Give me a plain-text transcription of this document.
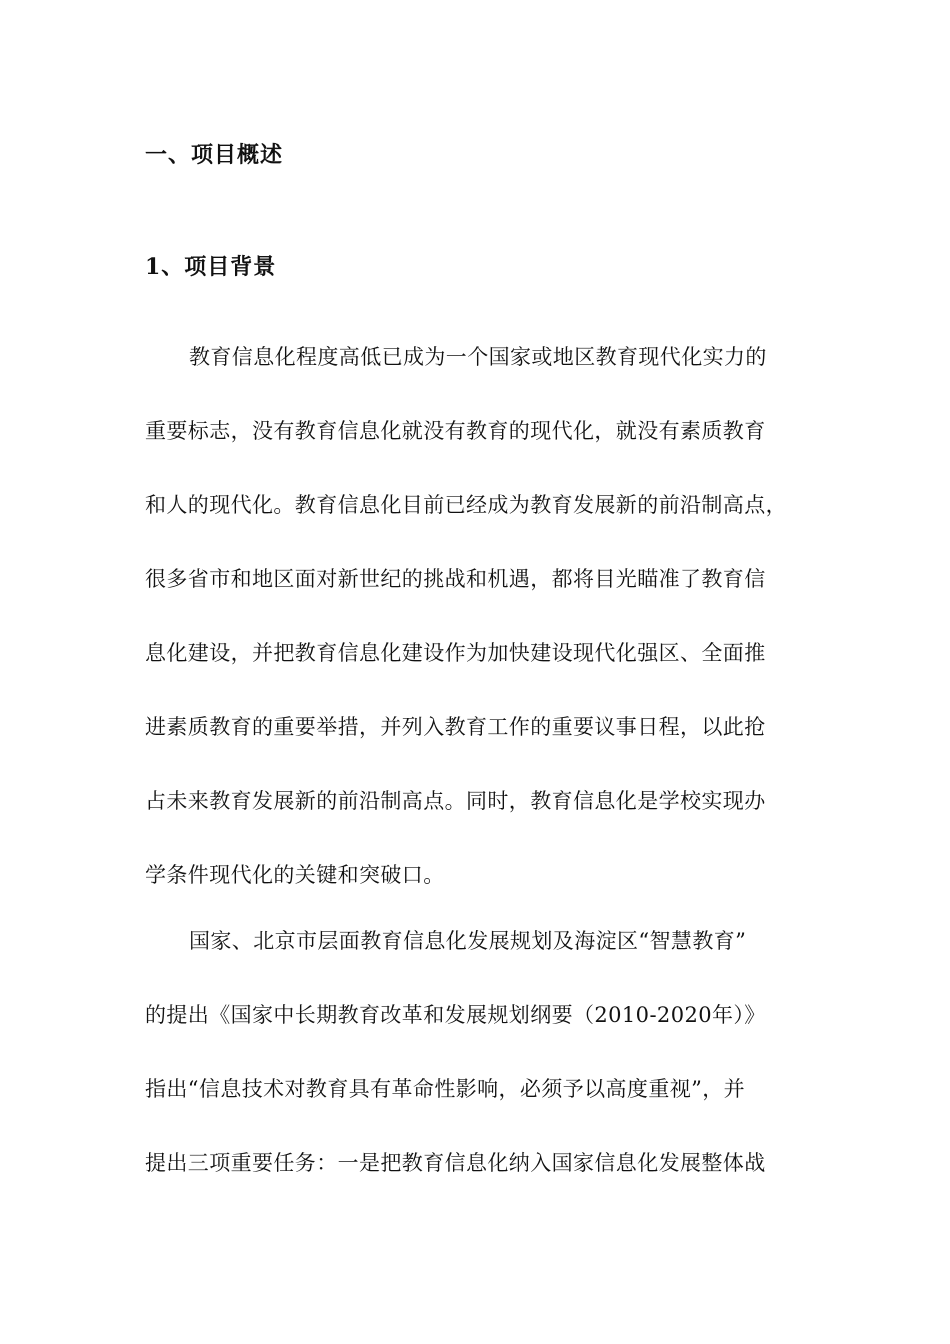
一、项目概述
1、项目背景

教育信息化程度高低已成为一个国家或地区教育现代化实力的

重要标志，没有教育信息化就没有教育的现代化，就没有素质教育

和人的现代化。教育信息化目前已经成为教育发展新的前沿制高点，

很多省市和地区面对新世纪的挑战和机遇，都将目光瞄准了教育信

息化建设，并把教育信息化建设作为加快建设现代化强区、全面推

进素质教育的重要举措，并列入教育工作的重要议事日程，以此抢

占未来教育发展新的前沿制高点。同时，教育信息化是学校实现办

学条件现代化的关键和突破口。

国家、北京市层面教育信息化发展规划及海淀区“智慧教育”

的提出《国家中长期教育改革和发展规划纲要（2010-2020年）》

指出“信息技术对教育具有革命性影响，必须予以高度重视”，并

提出三项重要任务：一是把教育信息化纳入国家信息化发展整体战
